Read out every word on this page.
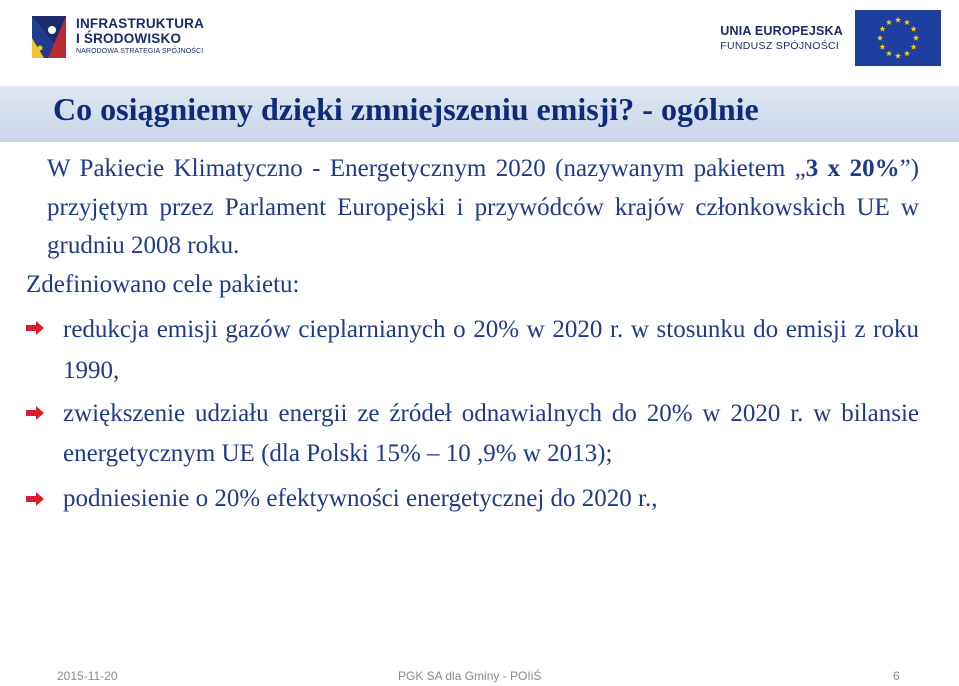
INFRASTRUKTURA
I ŚRODOWISKO
NARODOWA STRATEGIA SPÓJNOŚCI
UNIA EUROPEJSKA
FUNDUSZ SPÓJNOŚCI
Co osiągniemy dzięki zmniejszeniu emisji? - ogólnie
W Pakiecie Klimatyczno - Energetycznym 2020 (nazywanym pakietem „3 x 20%”) przyjętym przez Parlament Europejski i przywódców krajów członkowskich UE w grudniu 2008 roku.
Zdefiniowano cele pakietu:
redukcja emisji gazów cieplarnianych o 20% w 2020 r. w stosunku do emisji z roku 1990,
zwiększenie udziału energii ze źródeł odnawialnych do 20% w 2020 r. w bilansie energetycznym UE (dla Polski 15% – 10 ,9% w 2013);
podniesienie o 20% efektywności energetycznej do 2020 r.,
2015-11-20	PGK SA dla Gminy - POIiŚ	6
